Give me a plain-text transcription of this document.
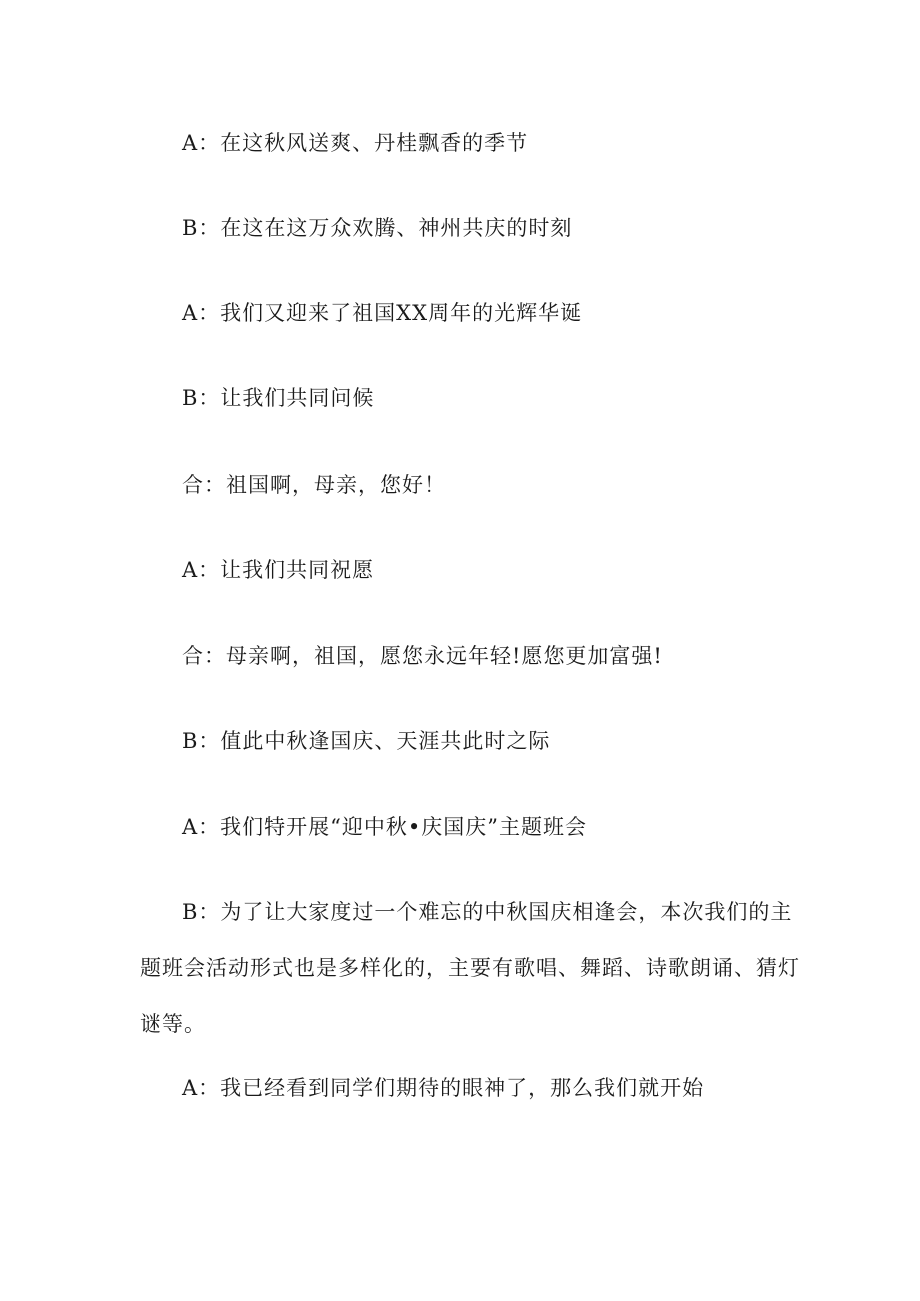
A：在这秋风送爽、丹桂飘香的季节
B：在这在这万众欢腾、神州共庆的时刻
A：我们又迎来了祖国XX周年的光辉华诞
B：让我们共同问候
合：祖国啊，母亲，您好！
A：让我们共同祝愿
合：母亲啊，祖国，愿您永远年轻!愿您更加富强!
B：值此中秋逢国庆、天涯共此时之际
A：我们特开展“迎中秋•庆国庆”主题班会
B：为了让大家度过一个难忘的中秋国庆相逢会，本次我们的主题班会活动形式也是多样化的，主要有歌唱、舞蹈、诗歌朗诵、猜灯谜等。
A：我已经看到同学们期待的眼神了，那么我们就开始
